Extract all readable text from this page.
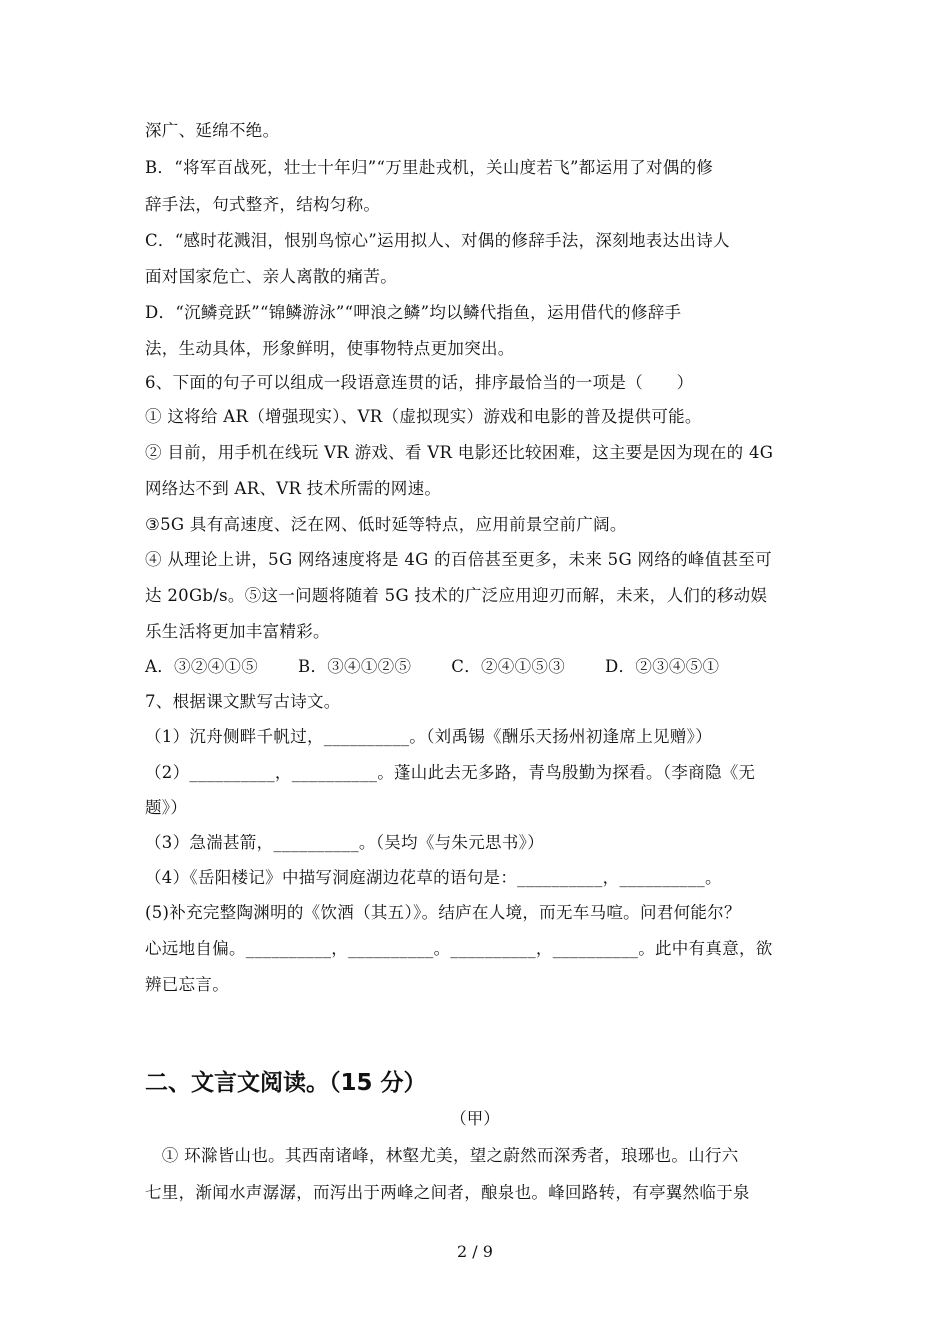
深广、延绵不绝。
B．“将军百战死，壮士十年归”“万里赴戎机，关山度若飞”都运用了对偶的修
辞手法，句式整齐，结构匀称。
C．“感时花溅泪，恨别鸟惊心”运用拟人、对偶的修辞手法，深刻地表达出诗人
面对国家危亡、亲人离散的痛苦。
D．“沉鳞竞跃”“锦鳞游泳”“呷浪之鳞”均以鳞代指鱼，运用借代的修辞手
法，生动具体，形象鲜明，使事物特点更加突出。
6、下面的句子可以组成一段语意连贯的话，排序最恰当的一项是（　　）
① 这将给 AR（增强现实）、VR（虚拟现实）游戏和电影的普及提供可能。
② 目前，用手机在线玩 VR 游戏、看 VR 电影还比较困难，这主要是因为现在的 4G
网络达不到 AR、VR 技术所需的网速。
③5G 具有高速度、泛在网、低时延等特点，应用前景空前广阔。
④ 从理论上讲，5G 网络速度将是 4G 的百倍甚至更多，未来 5G 网络的峰值甚至可
达 20Gb/s。⑤这一问题将随着 5G 技术的广泛应用迎刃而解，未来，人们的移动娱
乐生活将更加丰富精彩。
A．③②④①⑤ B．③④①②⑤ C．②④①⑤③ D．②③④⑤①
7、根据课文默写古诗文。
（1）沉舟侧畔千帆过，__________。（刘禹锡《酬乐天扬州初逢席上见赠》）
（2）__________，__________。蓬山此去无多路，青鸟殷勤为探看。（李商隐《无
题》）
（3）急湍甚箭，__________。（吴均《与朱元思书》）
（4）《岳阳楼记》中描写洞庭湖边花草的语句是：__________，__________。
(5)补充完整陶渊明的《饮酒（其五）》。结庐在人境，而无车马喧。问君何能尔？
心远地自偏。__________，__________。__________，__________。此中有真意，欲
辨已忘言。
二、文言文阅读。（15 分）
（甲）
　① 环滁皆山也。其西南诸峰，林壑尤美，望之蔚然而深秀者，琅琊也。山行六
七里，渐闻水声潺潺，而泻出于两峰之间者，酿泉也。峰回路转，有亭翼然临于泉
2 / 9
